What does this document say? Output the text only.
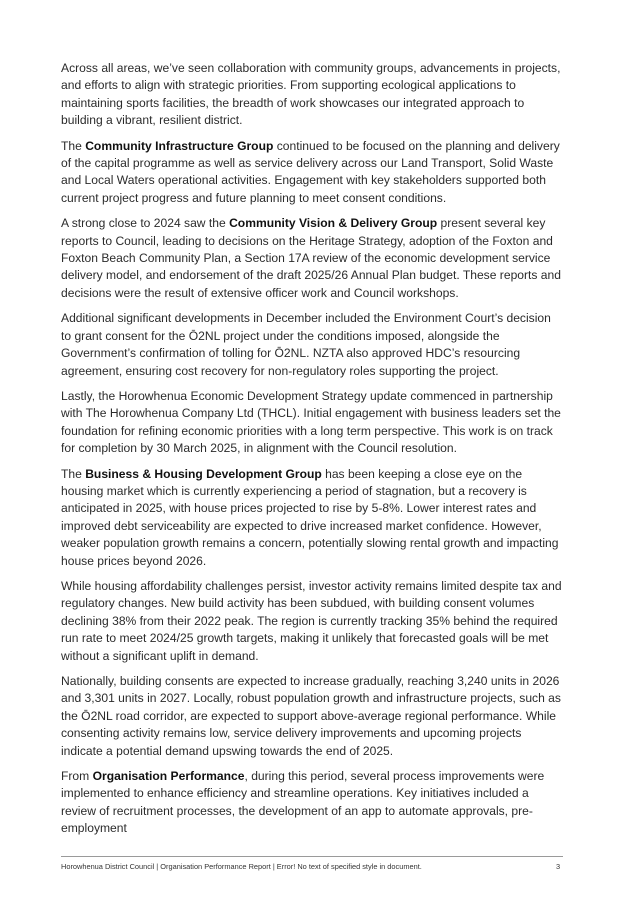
Across all areas, we’ve seen collaboration with community groups, advancements in projects, and efforts to align with strategic priorities. From supporting ecological applications to maintaining sports facilities, the breadth of work showcases our integrated approach to building a vibrant, resilient district.

The Community Infrastructure Group continued to be focused on the planning and delivery of the capital programme as well as service delivery across our Land Transport, Solid Waste and Local Waters operational activities. Engagement with key stakeholders supported both current project progress and future planning to meet consent conditions.

A strong close to 2024 saw the Community Vision & Delivery Group present several key reports to Council, leading to decisions on the Heritage Strategy, adoption of the Foxton and Foxton Beach Community Plan, a Section 17A review of the economic development service delivery model, and endorsement of the draft 2025/26 Annual Plan budget. These reports and decisions were the result of extensive officer work and Council workshops.

Additional significant developments in December included the Environment Court’s decision to grant consent for the Ō2NL project under the conditions imposed, alongside the Government’s confirmation of tolling for Ō2NL. NZTA also approved HDC’s resourcing agreement, ensuring cost recovery for non-regulatory roles supporting the project.

Lastly, the Horowhenua Economic Development Strategy update commenced in partnership with The Horowhenua Company Ltd (THCL). Initial engagement with business leaders set the foundation for refining economic priorities with a long term perspective. This work is on track for completion by 30 March 2025, in alignment with the Council resolution.

The Business & Housing Development Group has been keeping a close eye on the housing market which is currently experiencing a period of stagnation, but a recovery is anticipated in 2025, with house prices projected to rise by 5-8%. Lower interest rates and improved debt serviceability are expected to drive increased market confidence. However, weaker population growth remains a concern, potentially slowing rental growth and impacting house prices beyond 2026.

While housing affordability challenges persist, investor activity remains limited despite tax and regulatory changes. New build activity has been subdued, with building consent volumes declining 38% from their 2022 peak. The region is currently tracking 35% behind the required run rate to meet 2024/25 growth targets, making it unlikely that forecasted goals will be met without a significant uplift in demand.

Nationally, building consents are expected to increase gradually, reaching 3,240 units in 2026 and 3,301 units in 2027. Locally, robust population growth and infrastructure projects, such as the Ō2NL road corridor, are expected to support above-average regional performance. While consenting activity remains low, service delivery improvements and upcoming projects indicate a potential demand upswing towards the end of 2025.

From Organisation Performance, during this period, several process improvements were implemented to enhance efficiency and streamline operations. Key initiatives included a review of recruitment processes, the development of an app to automate approvals, pre-employment

Horowhenua District Council | Organisation Performance Report | Error! No text of specified style in document.	3
